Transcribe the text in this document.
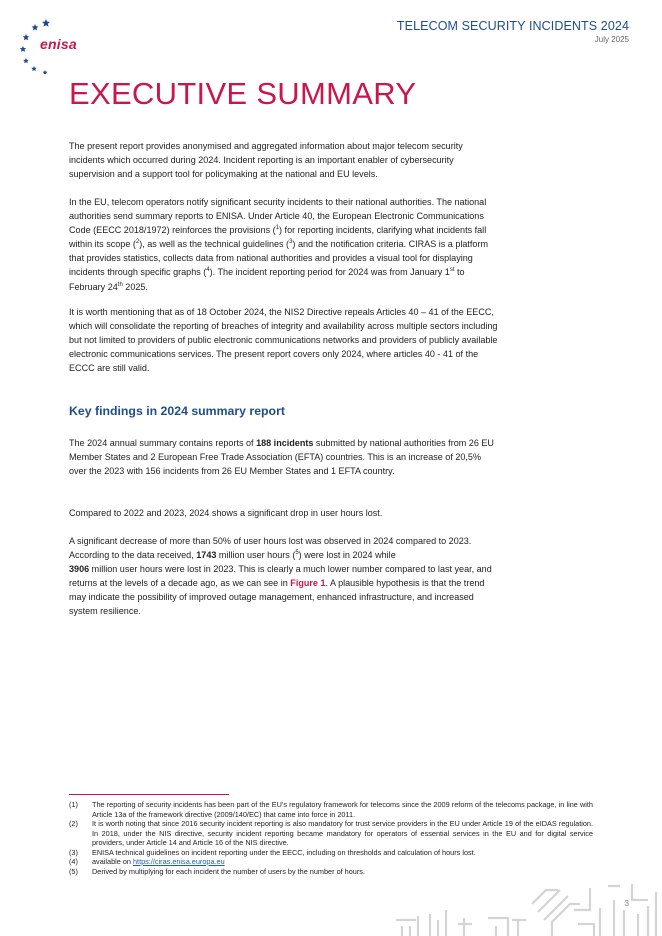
enisa
TELECOM SECURITY INCIDENTS 2024
July 2025
EXECUTIVE SUMMARY

The present report provides anonymised and aggregated information about major telecom security incidents which occurred during 2024. Incident reporting is an important enabler of cybersecurity supervision and a support tool for policymaking at the national and EU levels.

In the EU, telecom operators notify significant security incidents to their national authorities. The national authorities send summary reports to ENISA. Under Article 40, the European Electronic Communications Code (EECC 2018/1972) reinforces the provisions ($^1$) for reporting incidents, clarifying what incidents fall within its scope ($^2$), as well as the technical guidelines ($^3$) and the notification criteria. CIRAS is a platform that provides statistics, collects data from national authorities and provides a visual tool for displaying incidents through specific graphs ($^4$). The incident reporting period for 2024 was from January 1st to February 24th 2025.

It is worth mentioning that as of 18 October 2024, the NIS2 Directive repeals Articles 40 – 41 of the EECC, which will consolidate the reporting of breaches of integrity and availability across multiple sectors including but not limited to providers of public electronic communications networks and providers of publicly available electronic communications services. The present report covers only 2024, where articles 40 - 41 of the ECCC are still valid.

Key findings in 2024 summary report

The 2024 annual summary contains reports of 188 incidents submitted by national authorities from 26 EU Member States and 2 European Free Trade Association (EFTA) countries. This is an increase of 20,5% over the 2023 with 156 incidents from 26 EU Member States and 1 EFTA country.

Compared to 2022 and 2023, 2024 shows a significant drop in user hours lost.

A significant decrease of more than 50% of user hours lost was observed in 2024 compared to 2023. According to the data received, 1743 million user hours ($^5$) were lost in 2024 while
3906 million user hours were lost in 2023. This is clearly a much lower number compared to last year, and returns at the levels of a decade ago, as we can see in Figure 1. A plausible hypothesis is that the trend may indicate the possibility of improved outage management, enhanced infrastructure, and increased system resilience.

(1)	The reporting of security incidents has been part of the EU’s regulatory framework for telecoms since the 2009 reform of the telecoms package, in line with Article 13a of the framework directive (2009/140/EC) that came into force in 2011.
(2)	It is worth noting that since 2016 security incident reporting is also mandatory for trust service providers in the EU under Article 19 of the eIDAS regulation. In 2018, under the NIS directive, security incident reporting became mandatory for operators of essential services in the EU and for digital service providers, under Article 14 and Article 16 of the NIS directive.
(3)	ENISA technical guidelines on incident reporting under the EECC, including on thresholds and calculation of hours lost.
(4)	available on https://ciras.enisa.europa.eu
(5)	Derived by multiplying for each incident the number of users by the number of hours.
3
